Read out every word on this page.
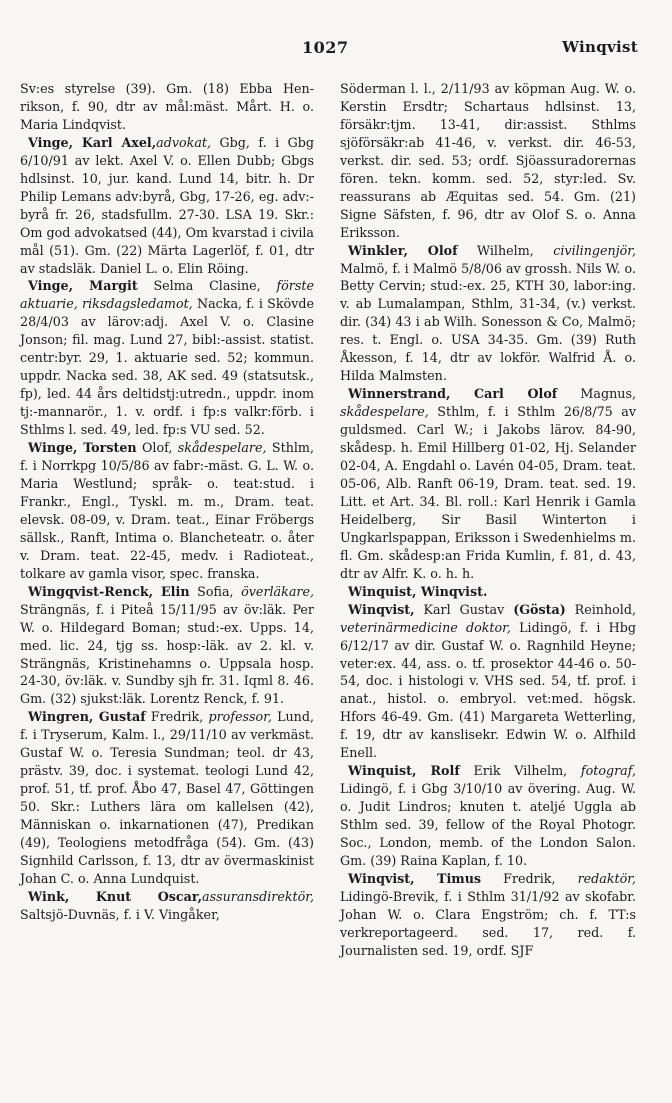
1027	Winqvist

Sv:es styrelse (39). Gm. (18) Ebba Henrikson, f. 90, dtr av mål:mäst. Mårt. H. o. Maria Lindqvist.

Vinge, Karl Axel,advokat, Gbg, f. i Gbg 6/10/91 av lekt. Axel V. o. Ellen Dubb; Gbgs hdlsinst. 10, jur. kand. Lund 14, bitr. h. Dr Philip Lemans adv:byrå, Gbg, 17-26, eg. adv:-byrå fr. 26, stadsfullm. 27-30. LSA 19. Skr.: Om god advokatsed (44), Om kvarstad i civila mål (51). Gm. (22) Märta Lagerlöf, f. 01, dtr av stadsläk. Daniel L. o. Elin Röing.

Vinge, Margit Selma Clasine, förste aktuarie, riksdagsledamot, Nacka, f. i Skövde 28/4/03 av lärov:adj. Axel V. o. Clasine Jonson; fil. mag. Lund 27, bibl:-assist. statist. centr:byr. 29, 1. aktuarie sed. 52; kommun. uppdr. Nacka sed. 38, AK sed. 49 (statsutsk., fp), led. 44 års deltidstj:utredn., uppdr. inom tj:-mannarör., 1. v. ordf. i fp:s valkr:förb. i Sthlms l. sed. 49, led. fp:s VU sed. 52.

Winge, Torsten Olof, skådespelare, Sthlm, f. i Norrkpg 10/5/86 av fabr:-mäst. G. L. W. o. Maria Westlund; språk- o. teat:stud. i Frankr., Engl., Tyskl. m. m., Dram. teat. elevsk. 08-09, v. Dram. teat., Einar Fröbergs sällsk., Ranft, Intima o. Blancheteatr. o. åter v. Dram. teat. 22-45, medv. i Radioteat., tolkare av gamla visor, spec. franska.

Wingqvist-Renck, Elin Sofia, överläkare, Strängnäs, f. i Piteå 15/11/95 av öv:läk. Per W. o. Hildegard Boman; stud:-ex. Upps. 14, med. lic. 24, tjg ss. hosp:-läk. av 2. kl. v. Strängnäs, Kristinehamns o. Uppsala hosp. 24-30, öv:läk. v. Sundby sjh fr. 31. Iqml 8. 46. Gm. (32) sjukst:läk. Lorentz Renck, f. 91.

Wingren, Gustaf Fredrik, professor, Lund, f. i Tryserum, Kalm. l., 29/11/10 av verkmäst. Gustaf W. o. Teresia Sundman; teol. dr 43, prästv. 39, doc. i systemat. teologi Lund 42, prof. 51, tf. prof. Åbo 47, Basel 47, Göttingen 50. Skr.: Luthers lära om kallelsen (42), Människan o. inkarnationen (47), Predikan (49), Teologiens metodfråga (54). Gm. (43) Signhild Carlsson, f. 13, dtr av övermaskinist Johan C. o. Anna Lundquist.

Wink, Knut Oscar,assuransdirektör, Saltsjö-Duvnäs, f. i V. Vingåker,

Söderman l. l., 2/11/93 av köpman Aug. W. o. Kerstin Ersdtr; Schartaus hdlsinst. 13, försäkr:tjm. 13-41, dir:assist. Sthlms sjöförsäkr:ab 41-46, v. verkst. dir. 46-53, verkst. dir. sed. 53; ordf. Sjöassuradorernas fören. tekn. komm. sed. 52, styr:led. Sv. reassurans ab Æquitas sed. 54. Gm. (21) Signe Säfsten, f. 96, dtr av Olof S. o. Anna Eriksson.

Winkler, Olof Wilhelm, civilingenjör, Malmö, f. i Malmö 5/8/06 av grossh. Nils W. o. Betty Cervin; stud:-ex. 25, KTH 30, labor:ing. v. ab Lumalampan, Sthlm, 31-34, (v.) verkst. dir. (34) 43 i ab Wilh. Sonesson & Co, Malmö; res. t. Engl. o. USA 34-35. Gm. (39) Ruth Åkesson, f. 14, dtr av lokför. Walfrid Å. o. Hilda Malmsten.

Winnerstrand, Carl Olof Magnus, skådespelare, Sthlm, f. i Sthlm 26/8/75 av guldsmed. Carl W.; i Jakobs lärov. 84-90, skådesp. h. Emil Hillberg 01-02, Hj. Selander 02-04, A. Engdahl o. Lavén 04-05, Dram. teat. 05-06, Alb. Ranft 06-19, Dram. teat. sed. 19. Litt. et Art. 34. Bl. roll.: Karl Henrik i Gamla Heidelberg, Sir Basil Winterton i Ungkarlspappan, Eriksson i Swedenhielms m. fl. Gm. skådesp:an Frida Kumlin, f. 81, d. 43, dtr av Alfr. K. o. h. h.

Winquist, Winqvist.

Winqvist, Karl Gustav (Gösta) Reinhold, veterinärmedicine doktor, Lidingö, f. i Hbg 6/12/17 av dir. Gustaf W. o. Ragnhild Heyne; veter:ex. 44, ass. o. tf. prosektor 44-46 o. 50-54, doc. i histologi v. VHS sed. 54, tf. prof. i anat., histol. o. embryol. vet:med. högsk. Hfors 46-49. Gm. (41) Margareta Wetterling, f. 19, dtr av kanslisekr. Edwin W. o. Alfhild Enell.

Winquist, Rolf Erik Vilhelm, fotograf, Lidingö, f. i Gbg 3/10/10 av övering. Aug. W. o. Judit Lindros; knuten t. ateljé Uggla ab Sthlm sed. 39, fellow of the Royal Photogr. Soc., London, memb. of the London Salon. Gm. (39) Raina Kaplan, f. 10.

Winqvist, Timus Fredrik, redaktör, Lidingö-Brevik, f. i Sthlm 31/1/92 av skofabr. Johan W. o. Clara Engström; ch. f. TT:s verkreportageerd. sed. 17, red. f. Journalisten sed. 19, ordf. SJF
